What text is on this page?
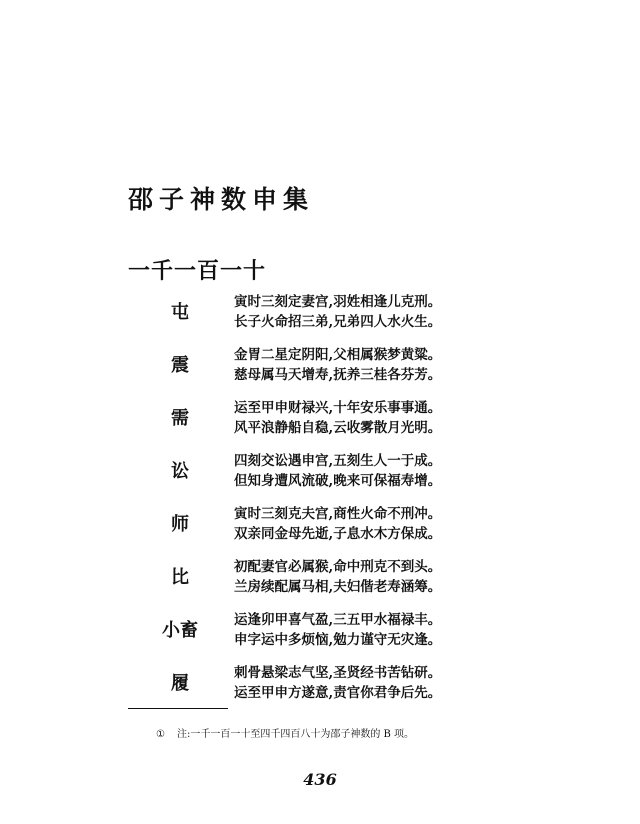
邵子神数申集
一千一百一十
屯	寅时三刻定妻宫,羽姓相逢儿克刑。
长子火命招三弟,兄弟四人水火生。
震	金胃二星定阴阳,父相属猴梦黄粱。
慈母属马天增寿,抚养三桂各芬芳。
需	运至甲申财禄兴,十年安乐事事通。
风平浪静船自稳,云收雾散月光明。
讼	四刻交讼遇申宫,五刻生人一于成。
但知身遭风流破,晚来可保福寿增。
师	寅时三刻克夫宫,商性火命不刑冲。
双亲同金母先逝,子息水木方保成。
比	初配妻官必属猴,命中刑克不到头。
兰房续配属马相,夫妇偕老寿涵筹。
小畜	运逢卯甲喜气盈,三五甲水福禄丰。
申字运中多烦恼,勉力谨守无灾逢。
履	刺骨悬梁志气坚,圣贤经书苦钻研。
运至甲申方遂意,责官你君争后先。
① 注:一千一百一十至四千四百八十为邵子神数的 B 项。
436
